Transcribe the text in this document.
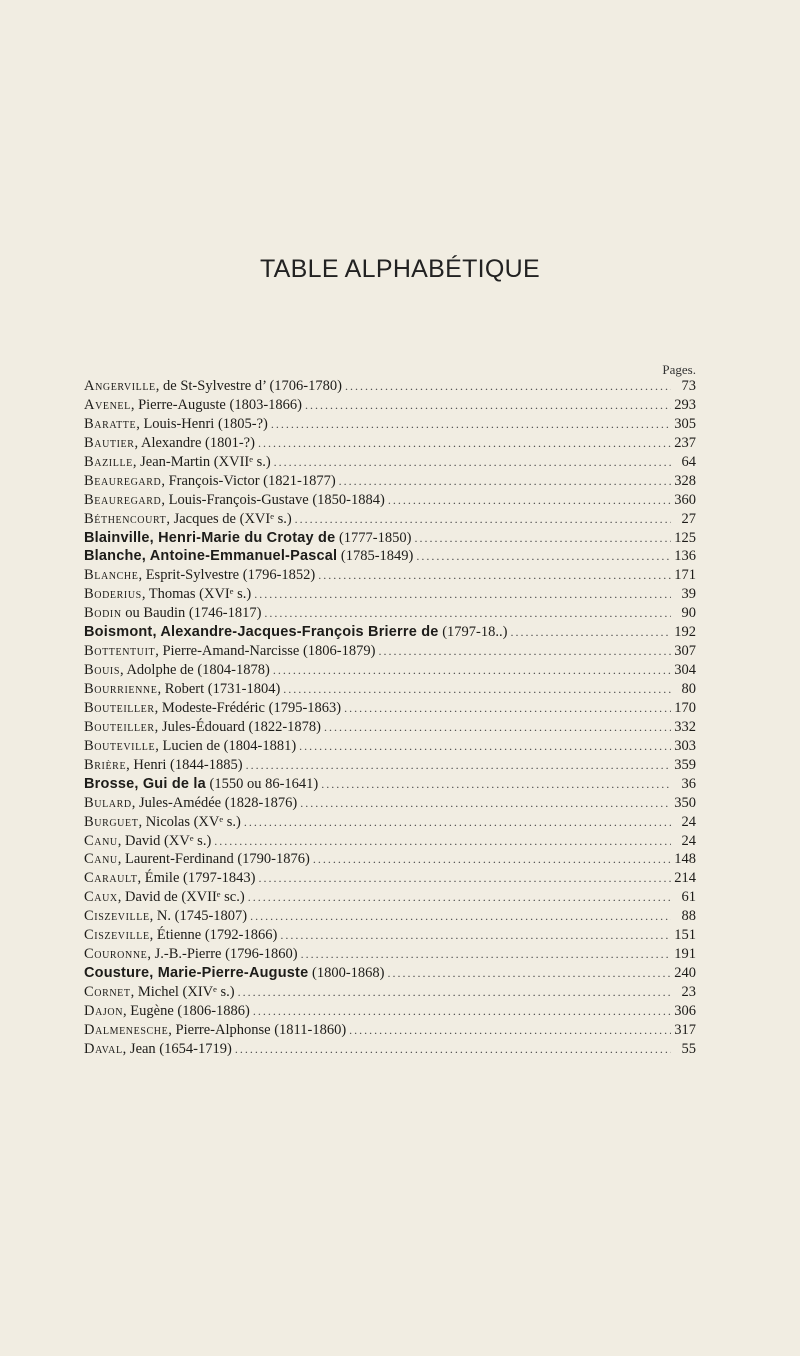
TABLE ALPHABÉTIQUE
Pages.
Angerville, de St-Sylvestre d’ (1706-1780) .....	73
Avenel, Pierre-Auguste (1803-1866) .....	293
Baratte, Louis-Henri (1805-?) .....	305
Bautier, Alexandre (1801-?) .....	237
Bazille, Jean-Martin (XVIIᵉ s.) .....	64
Beauregard, François-Victor (1821-1877) .....	328
Beauregard, Louis-François-Gustave (1850-1884) .....	360
Béthencourt, Jacques de (XVIᵉ s.) .....	27
Blainville, Henri-Marie du Crotay de (1777-1850) .....	125
Blanche, Antoine-Emmanuel-Pascal (1785-1849) .....	136
Blanche, Esprit-Sylvestre (1796-1852) .....	171
Boderius, Thomas (XVIᵉ s.) .....	39
Bodin ou Baudin (1746-1817) .....	90
Boismont, Alexandre-Jacques-François Brierre de (1797-18..) .....	192
Bottentuit, Pierre-Amand-Narcisse (1806-1879) .....	307
Bouis, Adolphe de (1804-1878) .....	304
Bourrienne, Robert (1731-1804) .....	80
Bouteiller, Modeste-Frédéric (1795-1863) .....	170
Bouteiller, Jules-Édouard (1822-1878) .....	332
Bouteville, Lucien de (1804-1881) .....	303
Brière, Henri (1844-1885) .....	359
Brosse, Gui de la (1550 ou 86-1641) .....	36
Bulard, Jules-Amédée (1828-1876) .....	350
Burguet, Nicolas (XVᵉ s.) .....	24
Canu, David (XVᵉ s.) .....	24
Canu, Laurent-Ferdinand (1790-1876) .....	148
Carault, Émile (1797-1843) .....	214
Caux, David de (XVIIᵉ sc.) .....	61
Ciszeville, N. (1745-1807) .....	88
Ciszeville, Étienne (1792-1866) .....	151
Couronne, J.-B.-Pierre (1796-1860) .....	191
Cousture, Marie-Pierre-Auguste (1800-1868) .....	240
Cornet, Michel (XIVᵉ s.) .....	23
Dajon, Eugène (1806-1886) .....	306
Dalmenesche, Pierre-Alphonse (1811-1860) .....	317
Daval, Jean (1654-1719) .....	55
